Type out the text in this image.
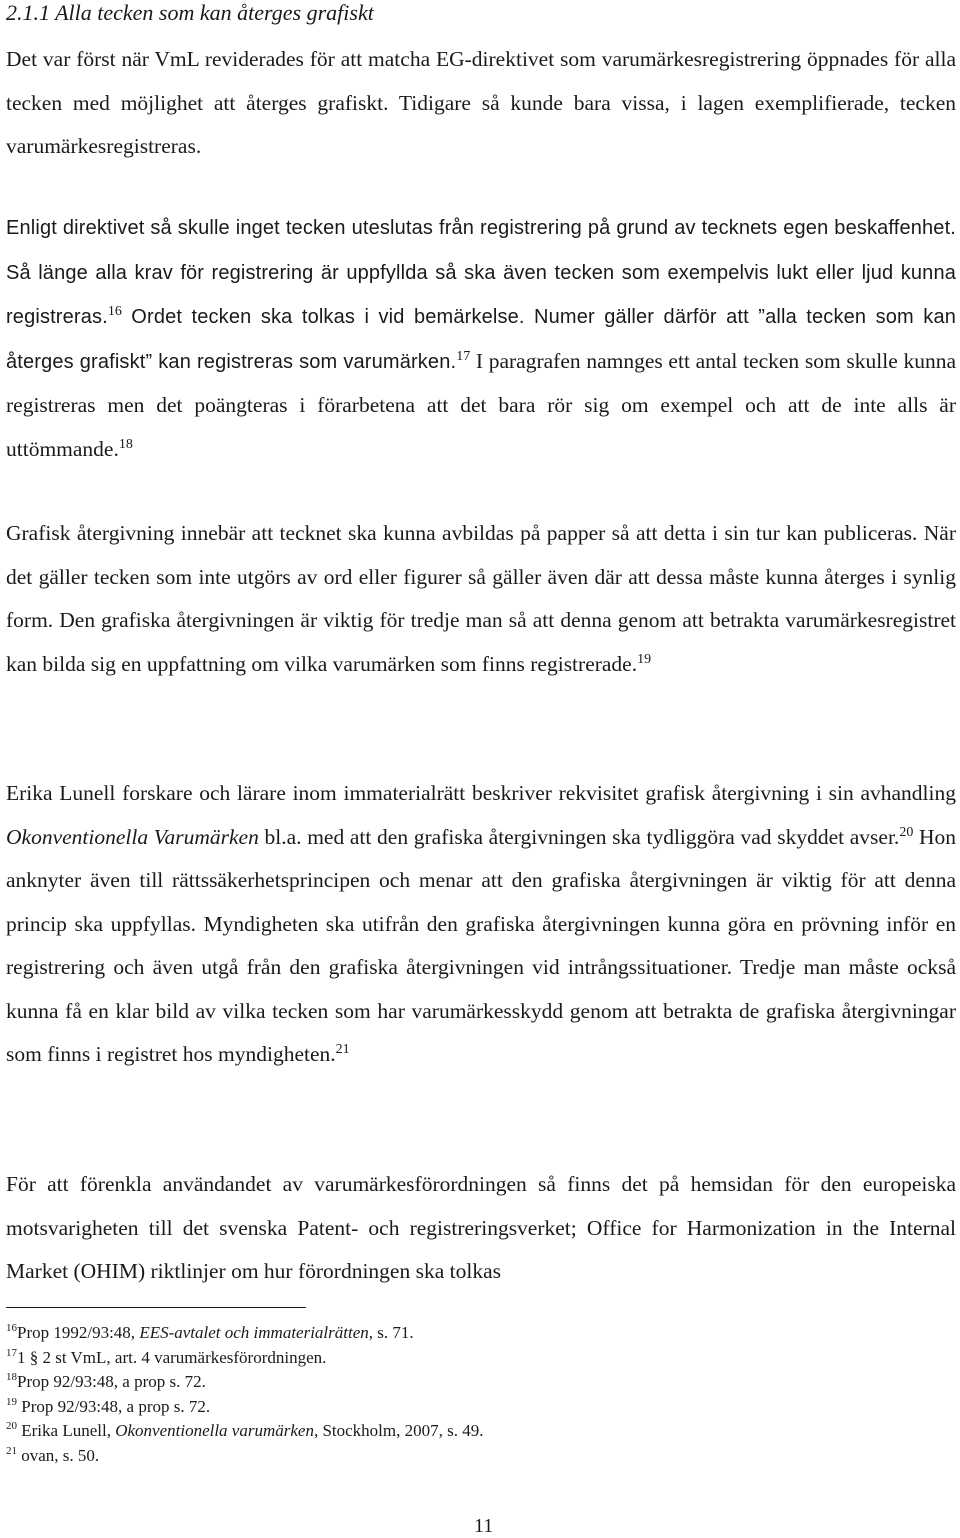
2.1.1 Alla tecken som kan återges grafiskt
Det var först när VmL reviderades för att matcha EG-direktivet som varumärkesregistrering öppnades för alla tecken med möjlighet att återges grafiskt. Tidigare så kunde bara vissa, i lagen exemplifierade, tecken varumärkesregistreras.
Enligt direktivet så skulle inget tecken uteslutas från registrering på grund av tecknets egen beskaffenhet. Så länge alla krav för registrering är uppfyllda så ska även tecken som exempelvis lukt eller ljud kunna registreras.$^{16}$ Ordet tecken ska tolkas i vid bemärkelse. Numer gäller därför att ”alla tecken som kan återges grafiskt” kan registreras som varumärken.$^{17}$ I paragrafen namnges ett antal tecken som skulle kunna registreras men det poängteras i förarbetena att det bara rör sig om exempel och att de inte alls är uttömmande.$^{18}$
Grafisk återgivning innebär att tecknet ska kunna avbildas på papper så att detta i sin tur kan publiceras. När det gäller tecken som inte utgörs av ord eller figurer så gäller även där att dessa måste kunna återges i synlig form. Den grafiska återgivningen är viktig för tredje man så att denna genom att betrakta varumärkesregistret kan bilda sig en uppfattning om vilka varumärken som finns registrerade.$^{19}$
Erika Lunell forskare och lärare inom immaterialrätt beskriver rekvisitet grafisk återgivning i sin avhandling Okonventionella Varumärken bl.a. med att den grafiska återgivningen ska tydliggöra vad skyddet avser.$^{20}$ Hon anknyter även till rättssäkerhetsprincipen och menar att den grafiska återgivningen är viktig för att denna princip ska uppfyllas. Myndigheten ska utifrån den grafiska återgivningen kunna göra en prövning inför en registrering och även utgå från den grafiska återgivningen vid intrångssituationer. Tredje man måste också kunna få en klar bild av vilka tecken som har varumärkesskydd genom att betrakta de grafiska återgivningar som finns i registret hos myndigheten.$^{21}$
För att förenkla användandet av varumärkesförordningen så finns det på hemsidan för den europeiska motsvarigheten till det svenska Patent- och registreringsverket; Office for Harmonization in the Internal Market (OHIM) riktlinjer om hur förordningen ska tolkas
$^{16}$Prop 1992/93:48, EES-avtalet och immaterialrätten, s. 71.
$^{17}$1 § 2 st VmL, art. 4 varumärkesförordningen.
$^{18}$Prop 92/93:48, a prop s. 72.
$^{19}$ Prop 92/93:48, a prop s. 72.
$^{20}$ Erika Lunell, Okonventionella varumärken, Stockholm, 2007, s. 49.
$^{21}$ ovan, s. 50.
11
